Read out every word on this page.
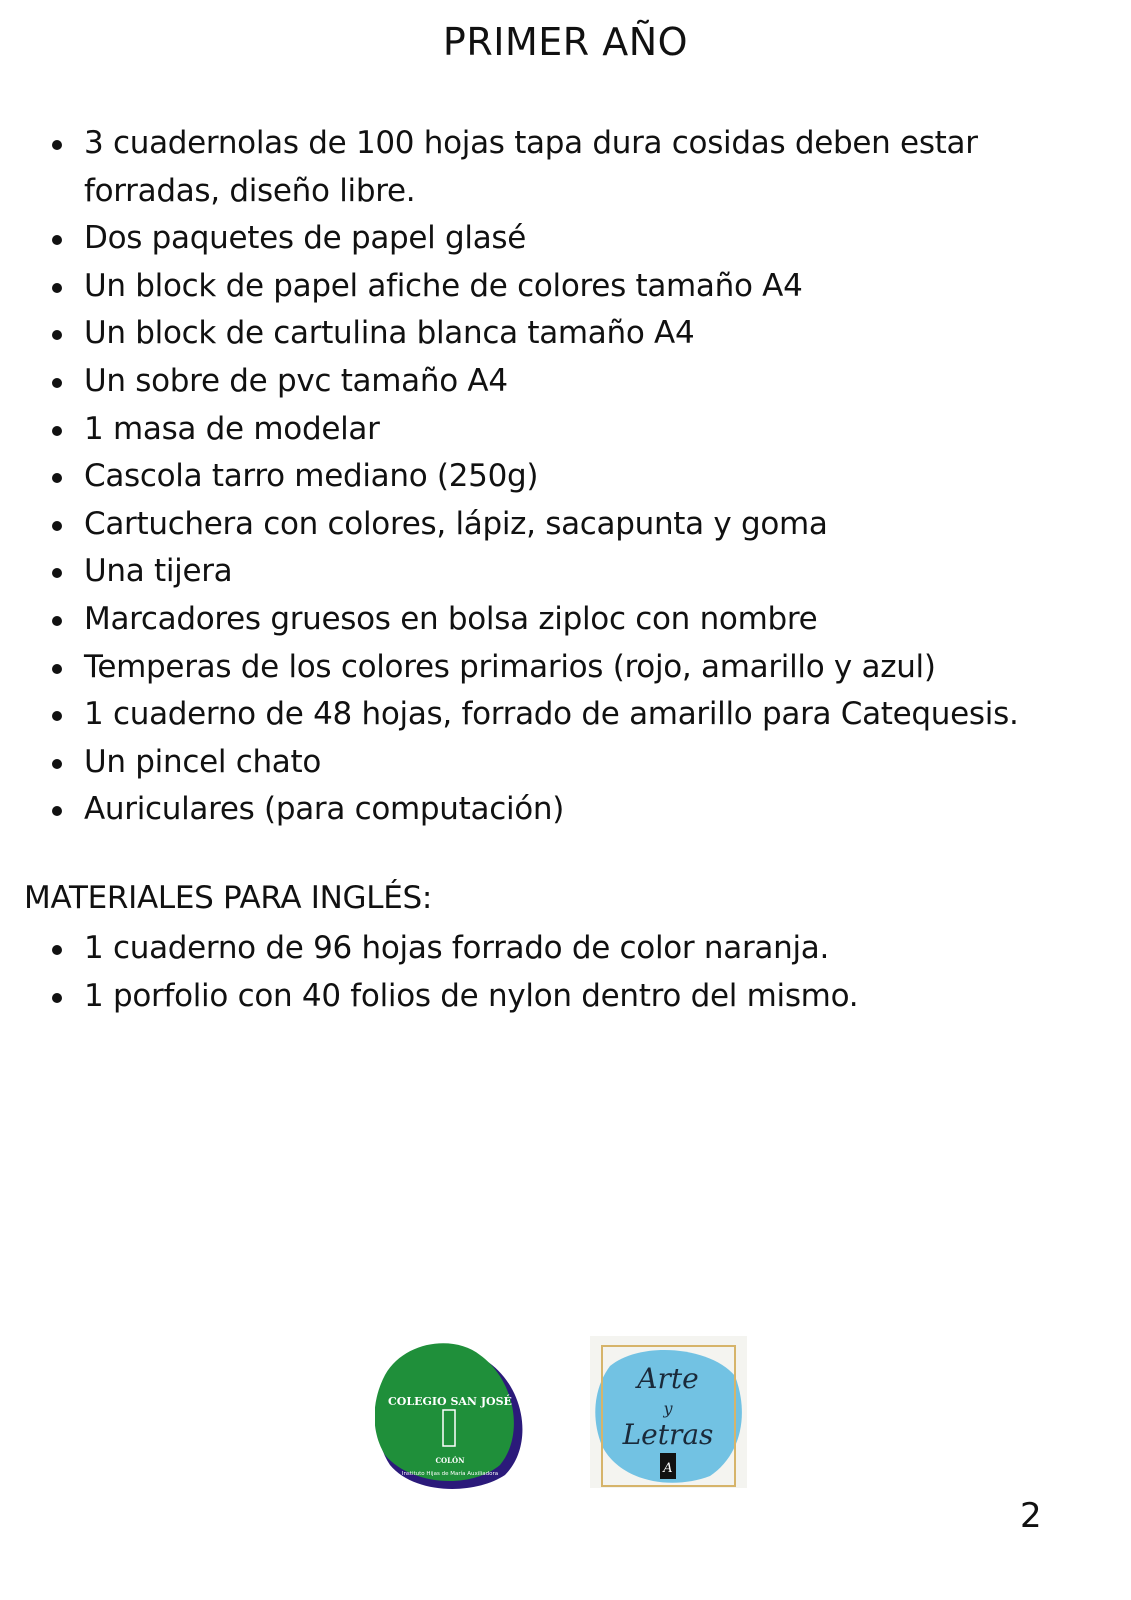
PRIMER AÑO
3 cuadernolas de 100 hojas tapa dura cosidas deben estar forradas, diseño libre.
Dos paquetes de papel glasé
Un block de papel afiche de colores tamaño A4
Un block de cartulina blanca tamaño A4
Un sobre de pvc tamaño A4
1 masa de modelar
Cascola tarro mediano (250g)
Cartuchera con colores, lápiz, sacapunta y goma
Una tijera
Marcadores gruesos en bolsa ziploc con nombre
Temperas de los colores primarios (rojo, amarillo y azul)
1 cuaderno de 48 hojas, forrado de amarillo para Catequesis.
Un pincel chato
Auriculares (para computación)
MATERIALES PARA INGLÉS:
1 cuaderno de 96 hojas forrado de color naranja.
1 porfolio con 40 folios de nylon dentro del mismo.
COLEGIO SAN JOSÉ
COLÓN
Instituto Hijas de María Auxiliadora
Arte
y
Letras
A
2
